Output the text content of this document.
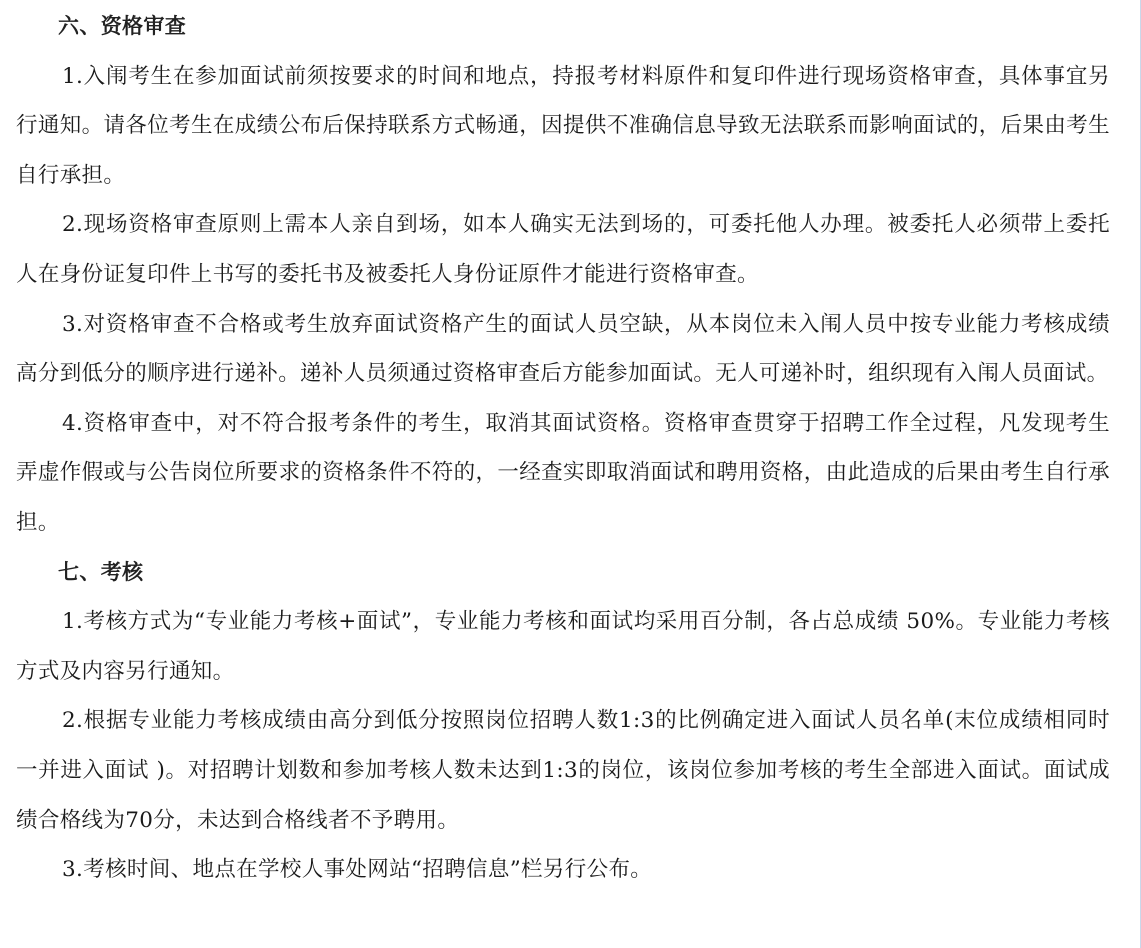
六、资格审查

1.入闱考生在参加面试前须按要求的时间和地点，持报考材料原件和复印件进行现场资格审查，具体事宜另行通知。请各位考生在成绩公布后保持联系方式畅通，因提供不准确信息导致无法联系而影响面试的，后果由考生自行承担。

2.现场资格审查原则上需本人亲自到场，如本人确实无法到场的，可委托他人办理。被委托人必须带上委托人在身份证复印件上书写的委托书及被委托人身份证原件才能进行资格审查。

3.对资格审查不合格或考生放弃面试资格产生的面试人员空缺，从本岗位未入闱人员中按专业能力考核成绩高分到低分的顺序进行递补。递补人员须通过资格审查后方能参加面试。无人可递补时，组织现有入闱人员面试。

4.资格审查中，对不符合报考条件的考生，取消其面试资格。资格审查贯穿于招聘工作全过程，凡发现考生弄虚作假或与公告岗位所要求的资格条件不符的，一经查实即取消面试和聘用资格，由此造成的后果由考生自行承担。

七、考核

1.考核方式为“专业能力考核+面试”，专业能力考核和面试均采用百分制，各占总成绩 50%。专业能力考核方式及内容另行通知。

2.根据专业能力考核成绩由高分到低分按照岗位招聘人数1:3的比例确定进入面试人员名单(末位成绩相同时一并进入面试 )。对招聘计划数和参加考核人数未达到1:3的岗位，该岗位参加考核的考生全部进入面试。面试成绩合格线为70分，未达到合格线者不予聘用。

3.考核时间、地点在学校人事处网站“招聘信息”栏另行公布。
